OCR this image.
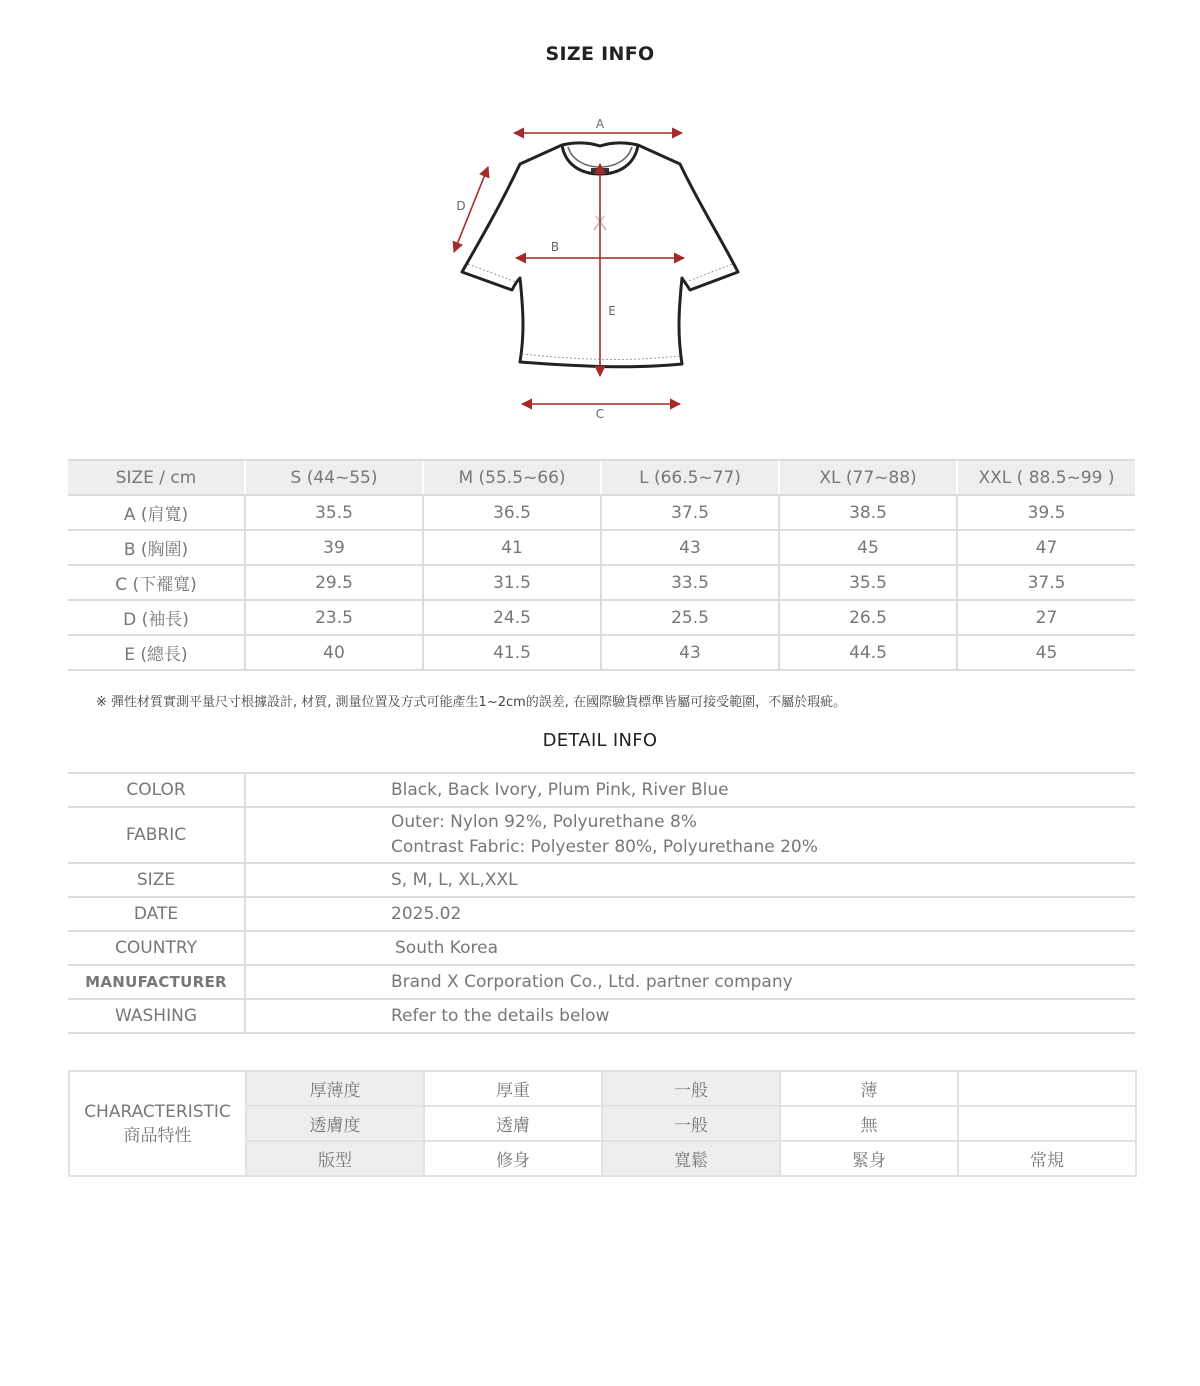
SIZE INFO
A
B
C
D
E
SIZE / cm	S (44~55)	M (55.5~66)	L (66.5~77)	XL (77~88)	XXL ( 88.5~99 )
A (肩寬)	35.5	36.5	37.5	38.5	39.5
B (胸圍)	39	41	43	45	47
C (下襬寬)	29.5	31.5	33.5	35.5	37.5
D (袖長)	23.5	24.5	25.5	26.5	27
E (總長)	40	41.5	43	44.5	45
※ 彈性材質實測平量尺寸根據設計, 材質, 測量位置及方式可能產生1~2cm的誤差, 在國際驗貨標準皆屬可接受範圍，不屬於瑕疵。
DETAIL INFO
COLOR	Black, Back Ivory, Plum Pink, River Blue
FABRIC	Outer: Nylon 92%, Polyurethane 8%
Contrast Fabric: Polyester 80%, Polyurethane 20%

SIZE	S, M, L, XL,XXL
DATE	2025.02
COUNTRY	South Korea
MANUFACTURER	Brand X Corporation Co., Ltd. partner company
WASHING	Refer to the details below
CHARACTERISTIC
商品特性	厚薄度	厚重	一般	薄	
	透膚度	透膚	一般	無	
	版型	修身	寬鬆	緊身	常規
